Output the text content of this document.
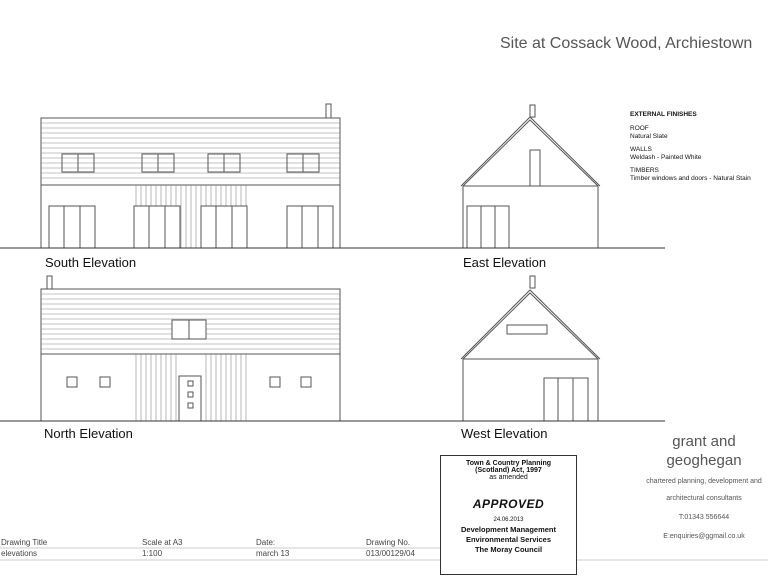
Site at Cossack Wood, Archiestown
South Elevation	East Elevation
North Elevation	West Elevation
EXTERNAL FINISHES
ROOF
Natural Slate
WALLS
Weldash - Painted White
TIMBERS
Timber windows and doors - Natural Stain
grant and
geoghegan
chartered planning, development and
architectural consultants
T:01343 556644
E:enquiries@ggmail.co.uk
Town & Country Planning
(Scotland) Act, 1997
as amended
APPROVED
24.06.2013
Development Management
Environmental Services
The Moray Council
Drawing Title
elevations
Scale at A3
1:100
Date:
march 13
Drawing No.
013/00129/04
